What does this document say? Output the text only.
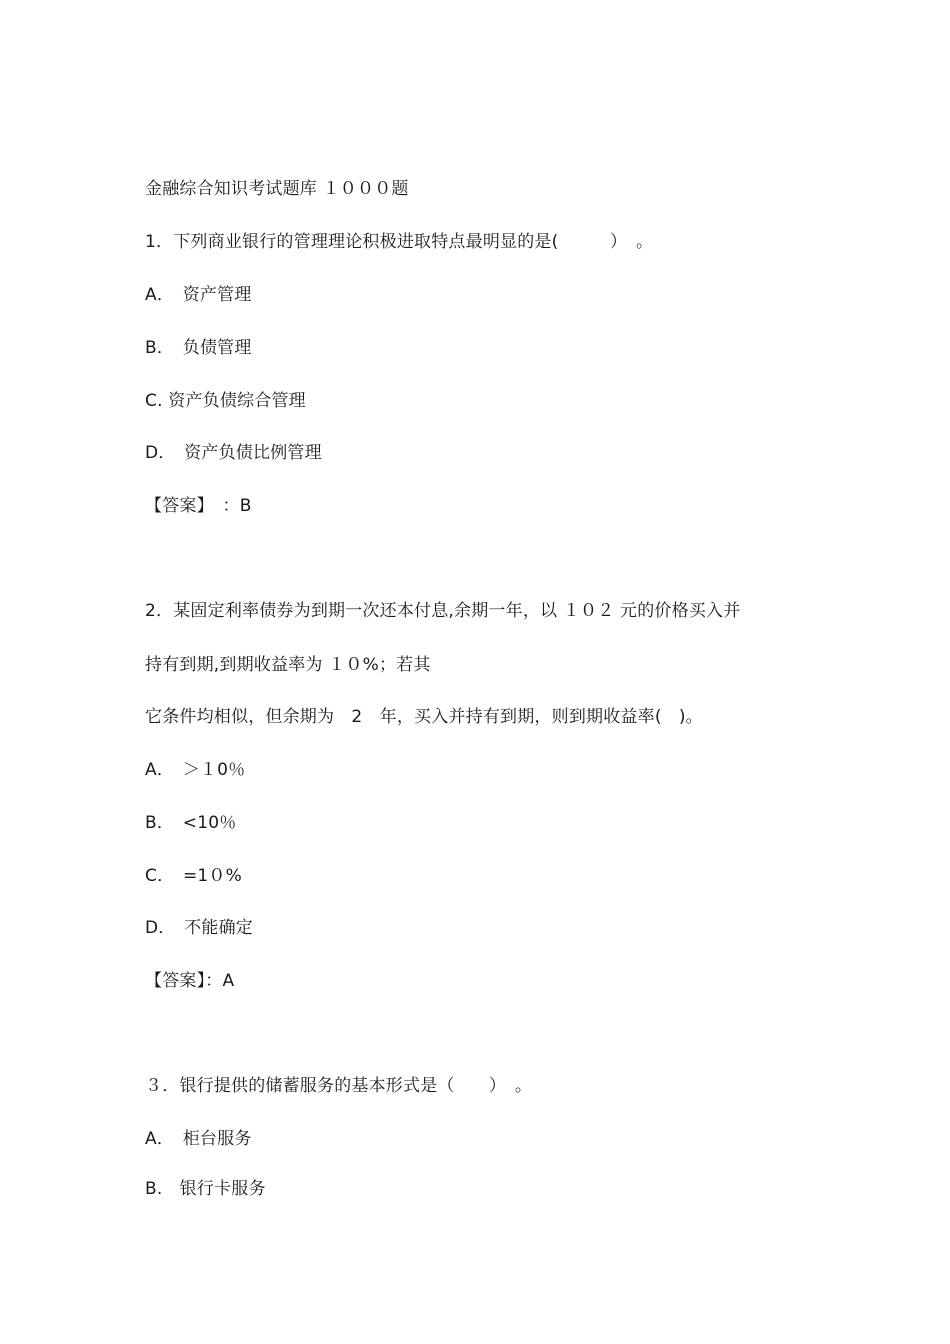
金融综合知识考试题库 １０００题
1．下列商业银行的管理理论积极进取特点最明显的是(　　　）　。
A．　资产管理
B．　负债管理
C. 资产负债综合管理
D．　资产负债比例管理
【答案】　：B
2．某固定利率债券为到期一次还本付息,余期一年，以 １０２ 元的价格买入并
持有到期,到期收益率为 １０%；若其
它条件均相似，但余期为　2　年，买入并持有到期，则到期收益率(　)。
A．　＞１0％
B．　<10％
C．　=1０%
D．　不能确定
【答案】：A
３．银行提供的储蓄服务的基本形式是（　　）　。
A．　柜台服务
B.　银行卡服务
